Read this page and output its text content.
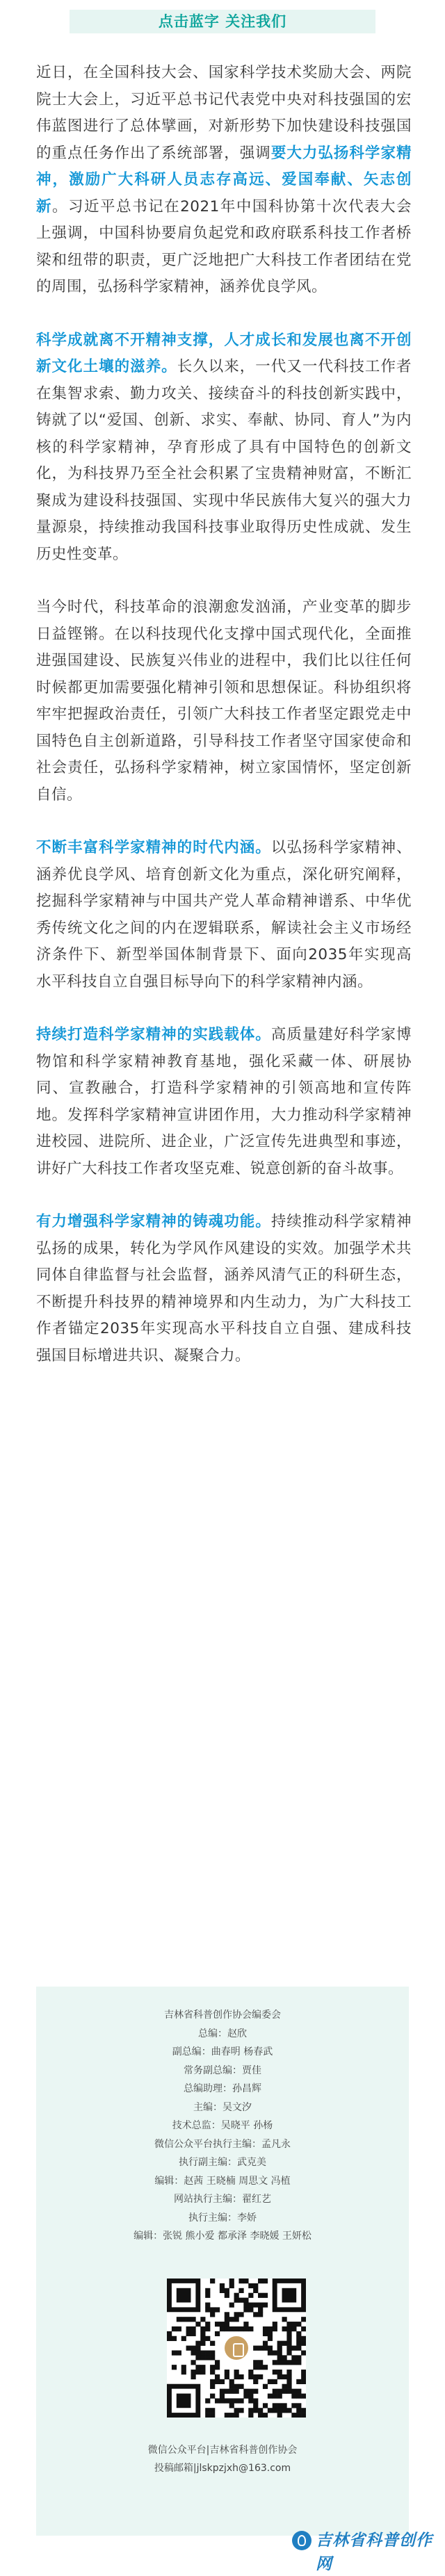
点击蓝字 关注我们

近日，在全国科技大会、国家科学技术奖励大会、两院院士大会上，习近平总书记代表党中央对科技强国的宏伟蓝图进行了总体擘画，对新形势下加快建设科技强国的重点任务作出了系统部署，强调要大力弘扬科学家精神，激励广大科研人员志存高远、爱国奉献、矢志创新。习近平总书记在2021年中国科协第十次代表大会上强调，中国科协要肩负起党和政府联系科技工作者桥梁和纽带的职责，更广泛地把广大科技工作者团结在党的周围，弘扬科学家精神，涵养优良学风。

科学成就离不开精神支撑，人才成长和发展也离不开创新文化土壤的滋养。长久以来，一代又一代科技工作者在集智求索、勤力攻关、接续奋斗的科技创新实践中，铸就了以“爱国、创新、求实、奉献、协同、育人”为内核的科学家精神，孕育形成了具有中国特色的创新文化，为科技界乃至全社会积累了宝贵精神财富，不断汇聚成为建设科技强国、实现中华民族伟大复兴的强大力量源泉，持续推动我国科技事业取得历史性成就、发生历史性变革。

当今时代，科技革命的浪潮愈发汹涌，产业变革的脚步日益铿锵。在以科技现代化支撑中国式现代化，全面推进强国建设、民族复兴伟业的进程中，我们比以往任何时候都更加需要强化精神引领和思想保证。科协组织将牢牢把握政治责任，引领广大科技工作者坚定跟党走中国特色自主创新道路，引导科技工作者坚守国家使命和社会责任，弘扬科学家精神，树立家国情怀，坚定创新自信。

不断丰富科学家精神的时代内涵。以弘扬科学家精神、涵养优良学风、培育创新文化为重点，深化研究阐释，挖掘科学家精神与中国共产党人革命精神谱系、中华优秀传统文化之间的内在逻辑联系，解读社会主义市场经济条件下、新型举国体制背景下、面向2035年实现高水平科技自立自强目标导向下的科学家精神内涵。

持续打造科学家精神的实践载体。高质量建好科学家博物馆和科学家精神教育基地，强化采藏一体、研展协同、宣教融合，打造科学家精神的引领高地和宣传阵地。发挥科学家精神宣讲团作用，大力推动科学家精神进校园、进院所、进企业，广泛宣传先进典型和事迹，讲好广大科技工作者攻坚克难、锐意创新的奋斗故事。

有力增强科学家精神的铸魂功能。持续推动科学家精神弘扬的成果，转化为学风作风建设的实效。加强学术共同体自律监督与社会监督，涵养风清气正的科研生态，不断提升科技界的精神境界和内生动力，为广大科技工作者锚定2035年实现高水平科技自立自强、建成科技强国目标增进共识、凝聚合力。

吉林省科普创作协会编委会
总编：赵欣
副总编：曲春明 杨春武
常务副总编：贾佳
总编助理：孙昌辉
主编：吴文汐
技术总监：吴晓平 孙杨
微信公众平台执行主编：孟凡永
执行副主编：武克美
编辑：赵茜 王晓楠 周思文 冯植
网站执行主编：翟红艺
执行主编：李娇
编辑：张锐 熊小爱 都承泽 李晓媛 王妍松
微信公众平台|吉林省科普创作协会
投稿邮箱|jlskpzjxh@163.com
吉林省科普创作网
